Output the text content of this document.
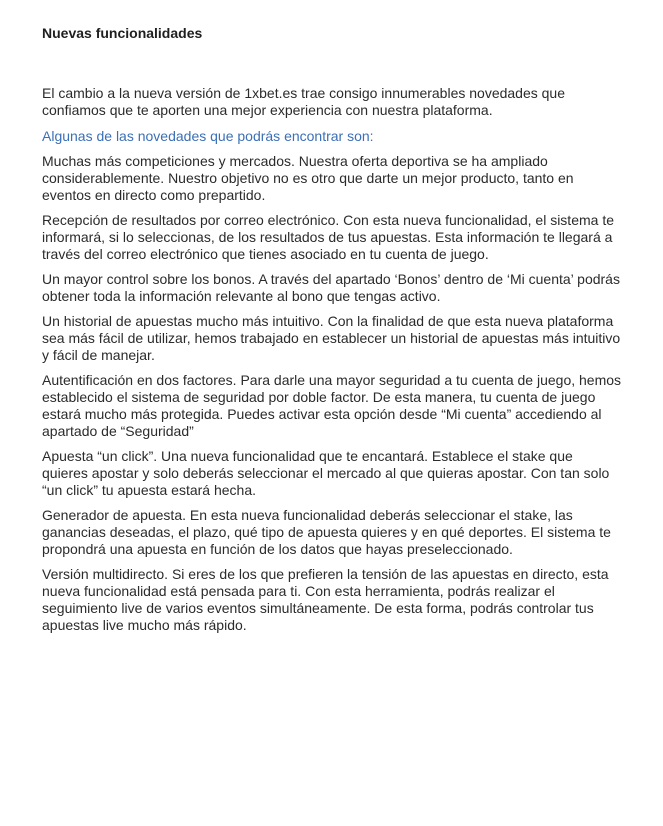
Nuevas funcionalidades

El cambio a la nueva versión de 1xbet.es trae consigo innumerables novedades que confiamos que te aporten una mejor experiencia con nuestra plataforma.

Algunas de las novedades que podrás encontrar son:

Muchas más competiciones y mercados. Nuestra oferta deportiva se ha ampliado considerablemente. Nuestro objetivo no es otro que darte un mejor producto, tanto en eventos en directo como prepartido.
Recepción de resultados por correo electrónico. Con esta nueva funcionalidad, el sistema te informará, si lo seleccionas, de los resultados de tus apuestas. Esta información te llegará a través del correo electrónico que tienes asociado en tu cuenta de juego.
Un mayor control sobre los bonos. A través del apartado ‘Bonos’ dentro de ‘Mi cuenta’ podrás obtener toda la información relevante al bono que tengas activo.
Un historial de apuestas mucho más intuitivo. Con la finalidad de que esta nueva plataforma sea más fácil de utilizar, hemos trabajado en establecer un historial de apuestas más intuitivo y fácil de manejar.
Autentificación en dos factores. Para darle una mayor seguridad a tu cuenta de juego, hemos establecido el sistema de seguridad por doble factor. De esta manera, tu cuenta de juego estará mucho más protegida. Puedes activar esta opción desde “Mi cuenta” accediendo al apartado de “Seguridad”
Apuesta “un click”. Una nueva funcionalidad que te encantará. Establece el stake que quieres apostar y solo deberás seleccionar el mercado al que quieras apostar. Con tan solo “un click” tu apuesta estará hecha.
Generador de apuesta. En esta nueva funcionalidad deberás seleccionar el stake, las ganancias deseadas, el plazo, qué tipo de apuesta quieres y en qué deportes. El sistema te propondrá una apuesta en función de los datos que hayas preseleccionado.
Versión multidirecto. Si eres de los que prefieren la tensión de las apuestas en directo, esta nueva funcionalidad está pensada para ti. Con esta herramienta, podrás realizar el seguimiento live de varios eventos simultáneamente. De esta forma, podrás controlar tus apuestas live mucho más rápido.
